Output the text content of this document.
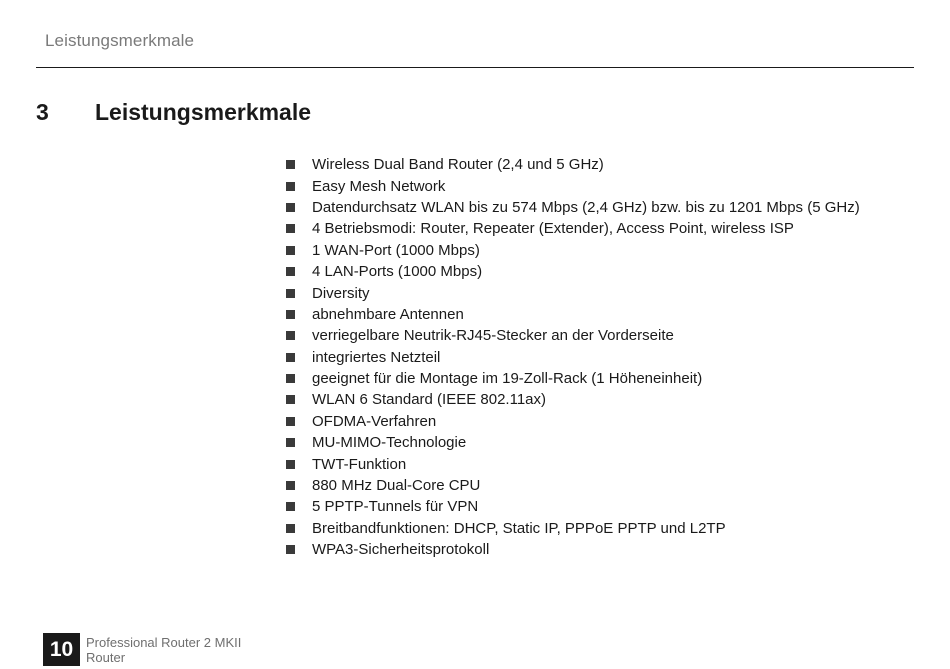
Leistungsmerkmale
3	Leistungsmerkmale
Wireless Dual Band Router (2,4 und 5 GHz)
Easy Mesh Network
Datendurchsatz WLAN bis zu 574 Mbps (2,4 GHz) bzw. bis zu 1201 Mbps (5 GHz)
4 Betriebsmodi: Router, Repeater (Extender), Access Point, wireless ISP
1 WAN-Port (1000 Mbps)
4 LAN-Ports (1000 Mbps)
Diversity
abnehmbare Antennen
verriegelbare Neutrik-RJ45-Stecker an der Vorderseite
integriertes Netzteil
geeignet für die Montage im 19-Zoll-Rack (1 Höheneinheit)
WLAN 6 Standard (IEEE 802.11ax)
OFDMA-Verfahren
MU-MIMO-Technologie
TWT-Funktion
880 MHz Dual-Core CPU
5 PPTP-Tunnels für VPN
Breitbandfunktionen: DHCP, Static IP, PPPoE PPTP und L2TP
WPA3-Sicherheitsprotokoll
10 Professional Router 2 MKII
Router
